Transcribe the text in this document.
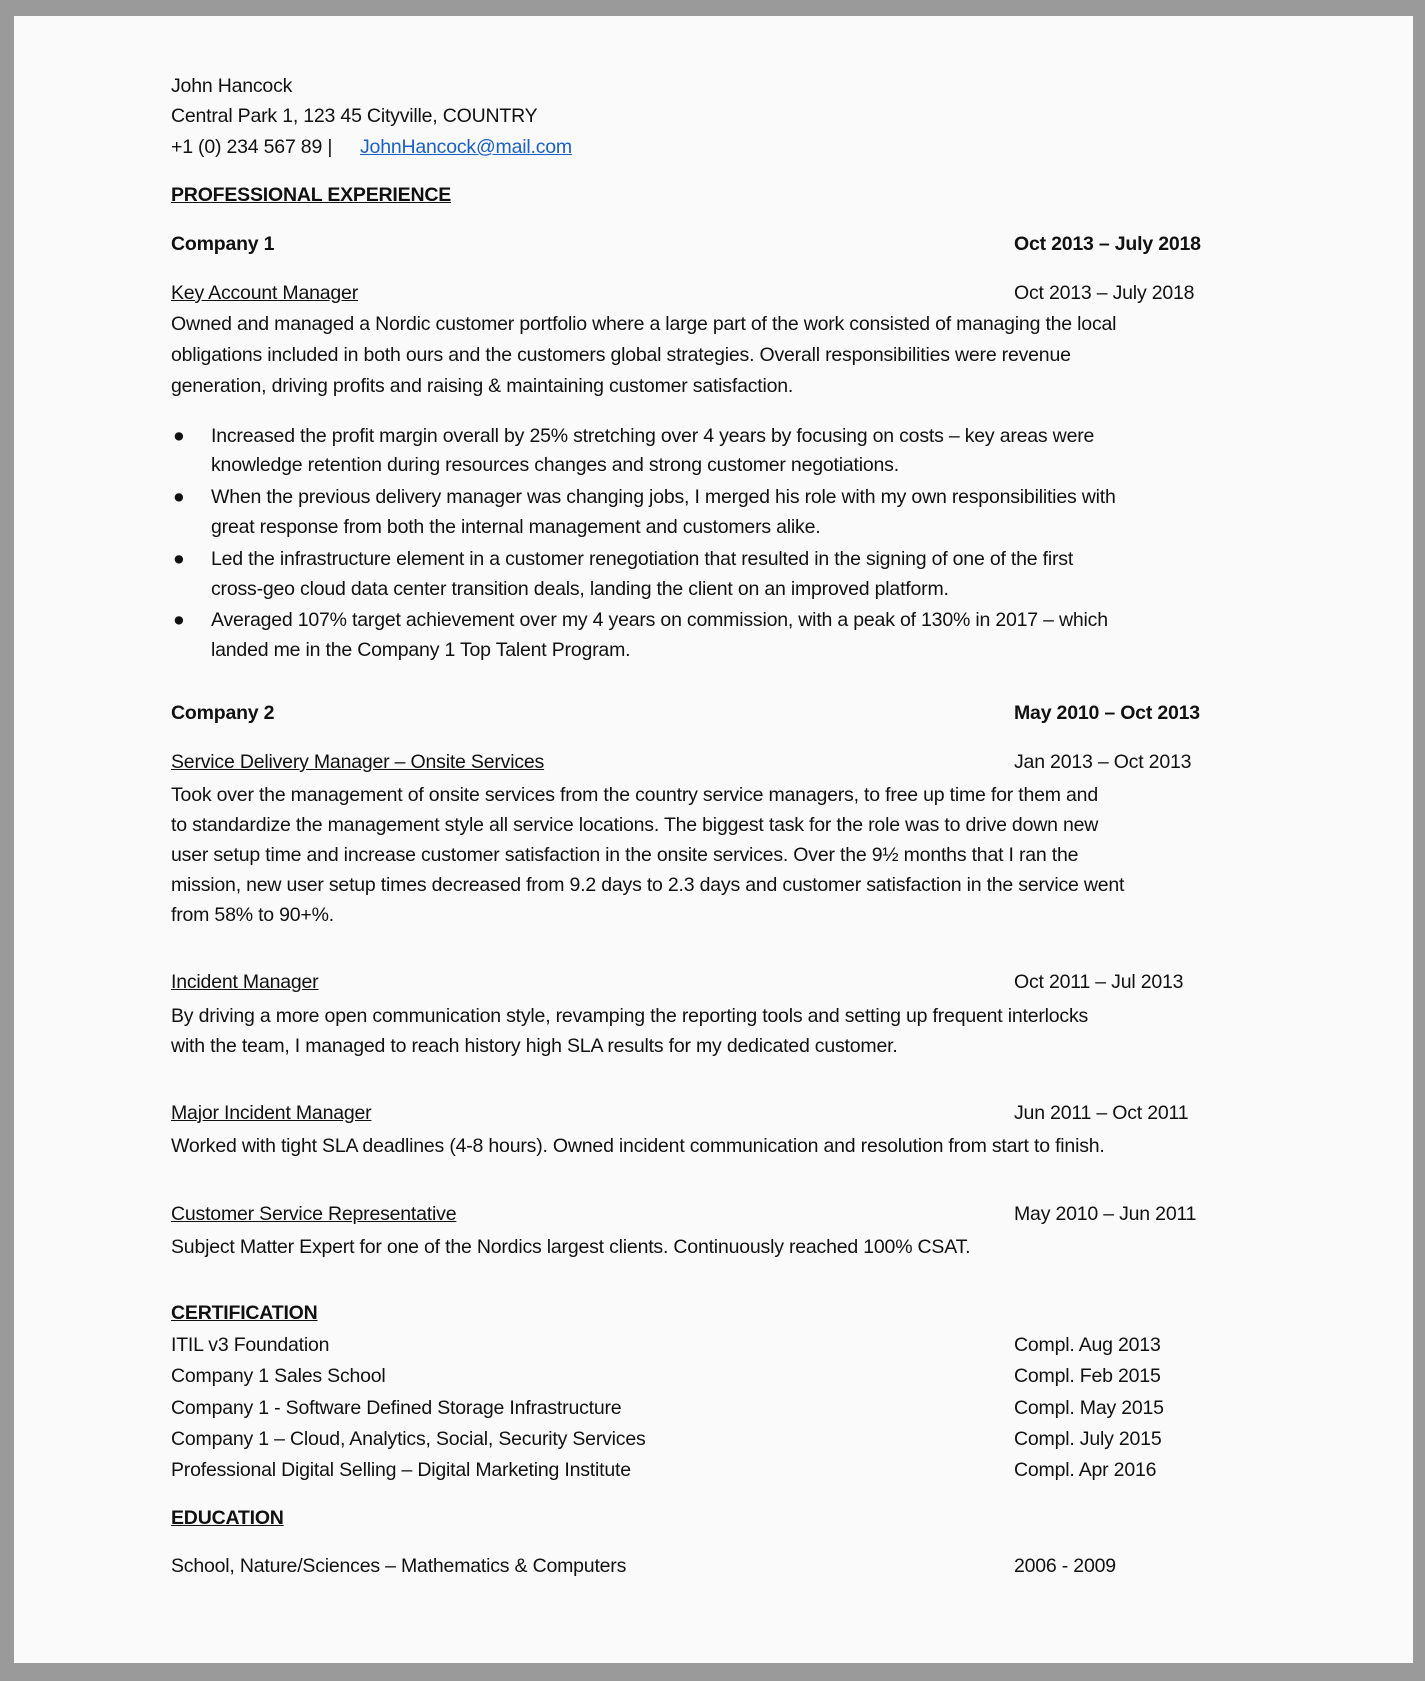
John Hancock
Central Park 1, 123 45 Cityville, COUNTRY
+1 (0) 234 567 89 | JohnHancock@mail.com
PROFESSIONAL EXPERIENCE
Company 1	Oct 2013 – July 2018
Key Account Manager	Oct 2013 – July 2018
Owned and managed a Nordic customer portfolio where a large part of the work consisted of managing the local
obligations included in both ours and the customers global strategies. Overall responsibilities were revenue
generation, driving profits and raising & maintaining customer satisfaction.
● Increased the profit margin overall by 25% stretching over 4 years by focusing on costs – key areas were
knowledge retention during resources changes and strong customer negotiations.
● When the previous delivery manager was changing jobs, I merged his role with my own responsibilities with
great response from both the internal management and customers alike.
● Led the infrastructure element in a customer renegotiation that resulted in the signing of one of the first
cross-geo cloud data center transition deals, landing the client on an improved platform.
● Averaged 107% target achievement over my 4 years on commission, with a peak of 130% in 2017 – which
landed me in the Company 1 Top Talent Program.
Company 2	May 2010 – Oct 2013
Service Delivery Manager – Onsite Services	Jan 2013 – Oct 2013
Took over the management of onsite services from the country service managers, to free up time for them and
to standardize the management style all service locations. The biggest task for the role was to drive down new
user setup time and increase customer satisfaction in the onsite services. Over the 9½ months that I ran the
mission, new user setup times decreased from 9.2 days to 2.3 days and customer satisfaction in the service went
from 58% to 90+%.
Incident Manager	Oct 2011 – Jul 2013
By driving a more open communication style, revamping the reporting tools and setting up frequent interlocks
with the team, I managed to reach history high SLA results for my dedicated customer.
Major Incident Manager	Jun 2011 – Oct 2011
Worked with tight SLA deadlines (4-8 hours). Owned incident communication and resolution from start to finish.
Customer Service Representative	May 2010 – Jun 2011
Subject Matter Expert for one of the Nordics largest clients. Continuously reached 100% CSAT.
CERTIFICATION
ITIL v3 Foundation	Compl. Aug 2013
Company 1 Sales School	Compl. Feb 2015
Company 1 - Software Defined Storage Infrastructure	Compl. May 2015
Company 1 – Cloud, Analytics, Social, Security Services	Compl. July 2015
Professional Digital Selling – Digital Marketing Institute	Compl. Apr 2016
EDUCATION
School, Nature/Sciences – Mathematics & Computers	2006 - 2009
